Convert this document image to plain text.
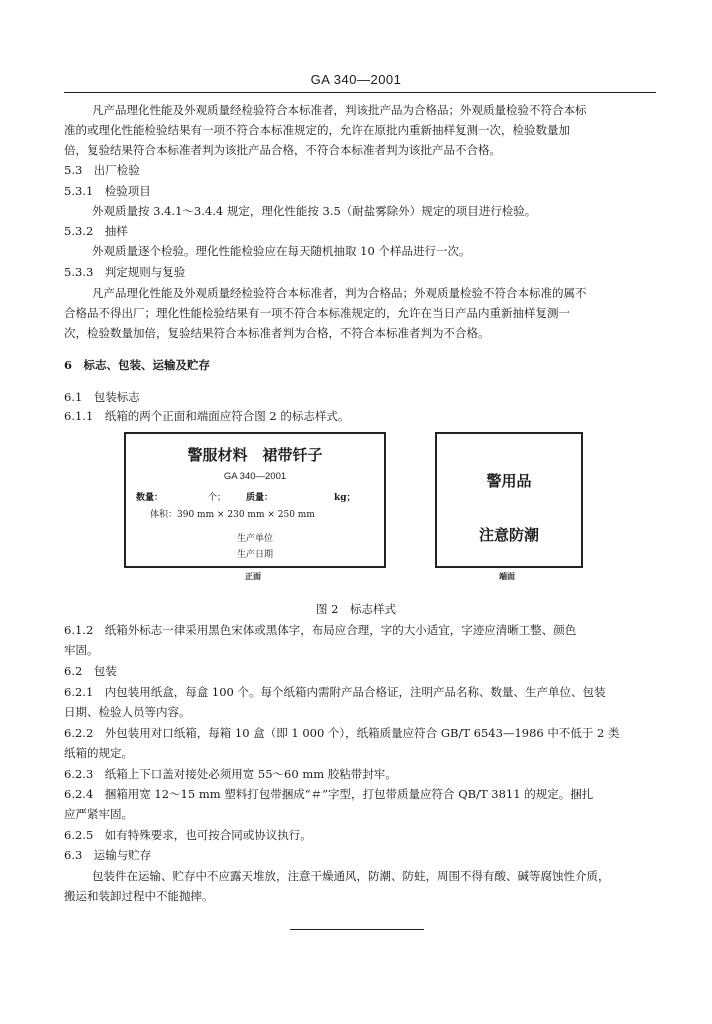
GA 340—2001
凡产品理化性能及外观质量经检验符合本标准者，判该批产品为合格品；外观质量检验不符合本标
准的或理化性能检验结果有一项不符合本标准规定的，允许在原批内重新抽样复测一次，检验数量加
倍，复验结果符合本标准者判为该批产品合格，不符合本标准者判为该批产品不合格。
5.3　出厂检验
5.3.1　检验项目
外观质量按 3.4.1～3.4.4 规定，理化性能按 3.5（耐盐雾除外）规定的项目进行检验。
5.3.2　抽样
外观质量逐个检验。理化性能检验应在每天随机抽取 10 个样品进行一次。
5.3.3　判定规则与复验
凡产品理化性能及外观质量经检验符合本标准者，判为合格品；外观质量检验不符合本标准的属不
合格品不得出厂；理化性能检验结果有一项不符合本标准规定的，允许在当日产品内重新抽样复测一
次，检验数量加倍，复验结果符合本标准者判为合格，不符合本标准者判为不合格。
6　标志、包装、运输及贮存
6.1　包装标志
6.1.1　纸箱的两个正面和端面应符合图 2 的标志样式。
警服材料　裙带钎子
GA 340—2001
数量：	个； 质量：	kg；
体积：390 mm × 230 mm × 250 mm
生产单位
生产日期
警用品
注意防潮
正面	端面
图 2　标志样式
6.1.2　纸箱外标志一律采用黑色宋体或黑体字，布局应合理，字的大小适宜，字迹应清晰工整、颜色
牢固。
6.2　包装
6.2.1　内包装用纸盒，每盒 100 个。每个纸箱内需附产品合格证，注明产品名称、数量、生产单位、包装
日期、检验人员等内容。
6.2.2　外包装用对口纸箱，每箱 10 盒（即 1 000 个），纸箱质量应符合 GB/T 6543—1986 中不低于 2 类
纸箱的规定。
6.2.3　纸箱上下口盖对接处必须用宽 55～60 mm 胶粘带封牢。
6.2.4　捆箱用宽 12～15 mm 塑料打包带捆成“＃”字型，打包带质量应符合 QB/T 3811 的规定。捆扎
应严紧牢固。
6.2.5　如有特殊要求，也可按合同或协议执行。
6.3　运输与贮存
包装件在运输、贮存中不应露天堆放，注意干燥通风，防潮、防蛀，周围不得有酸、碱等腐蚀性介质，
搬运和装卸过程中不能抛摔。
